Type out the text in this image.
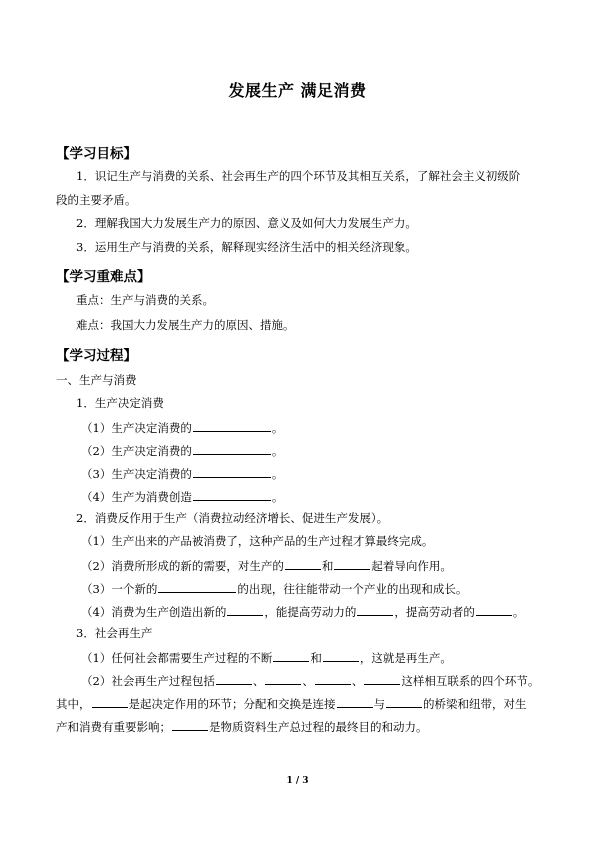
发展生产 满足消费
【学习目标】
1．识记生产与消费的关系、社会再生产的四个环节及其相互关系，了解社会主义初级阶
段的主要矛盾。
2．理解我国大力发展生产力的原因、意义及如何大力发展生产力。
3．运用生产与消费的关系，解释现实经济生活中的相关经济现象。
【学习重难点】
重点：生产与消费的关系。
难点：我国大力发展生产力的原因、措施。
【学习过程】
一、生产与消费
1．生产决定消费
（1）生产决定消费的	。
（2）生产决定消费的	。
（3）生产决定消费的	。
（4）生产为消费创造	。
2．消费反作用于生产（消费拉动经济增长、促进生产发展）。
（1）生产出来的产品被消费了，这种产品的生产过程才算最终完成。
（2）消费所形成的新的需要，对生产的	和	起着导向作用。
（3）一个新的	的出现，往往能带动一个产业的出现和成长。
（4）消费为生产创造出新的	，能提高劳动力的	，提高劳动者的	。
3．社会再生产
（1）任何社会都需要生产过程的不断	和	，这就是再生产。
（2）社会再生产过程包括	、	、	、	这样相互联系的四个环节。
其中，	是起决定作用的环节；分配和交换是连接	与	的桥梁和纽带，对生
产和消费有重要影响；	是物质资料生产总过程的最终目的和动力。
1 / 3
